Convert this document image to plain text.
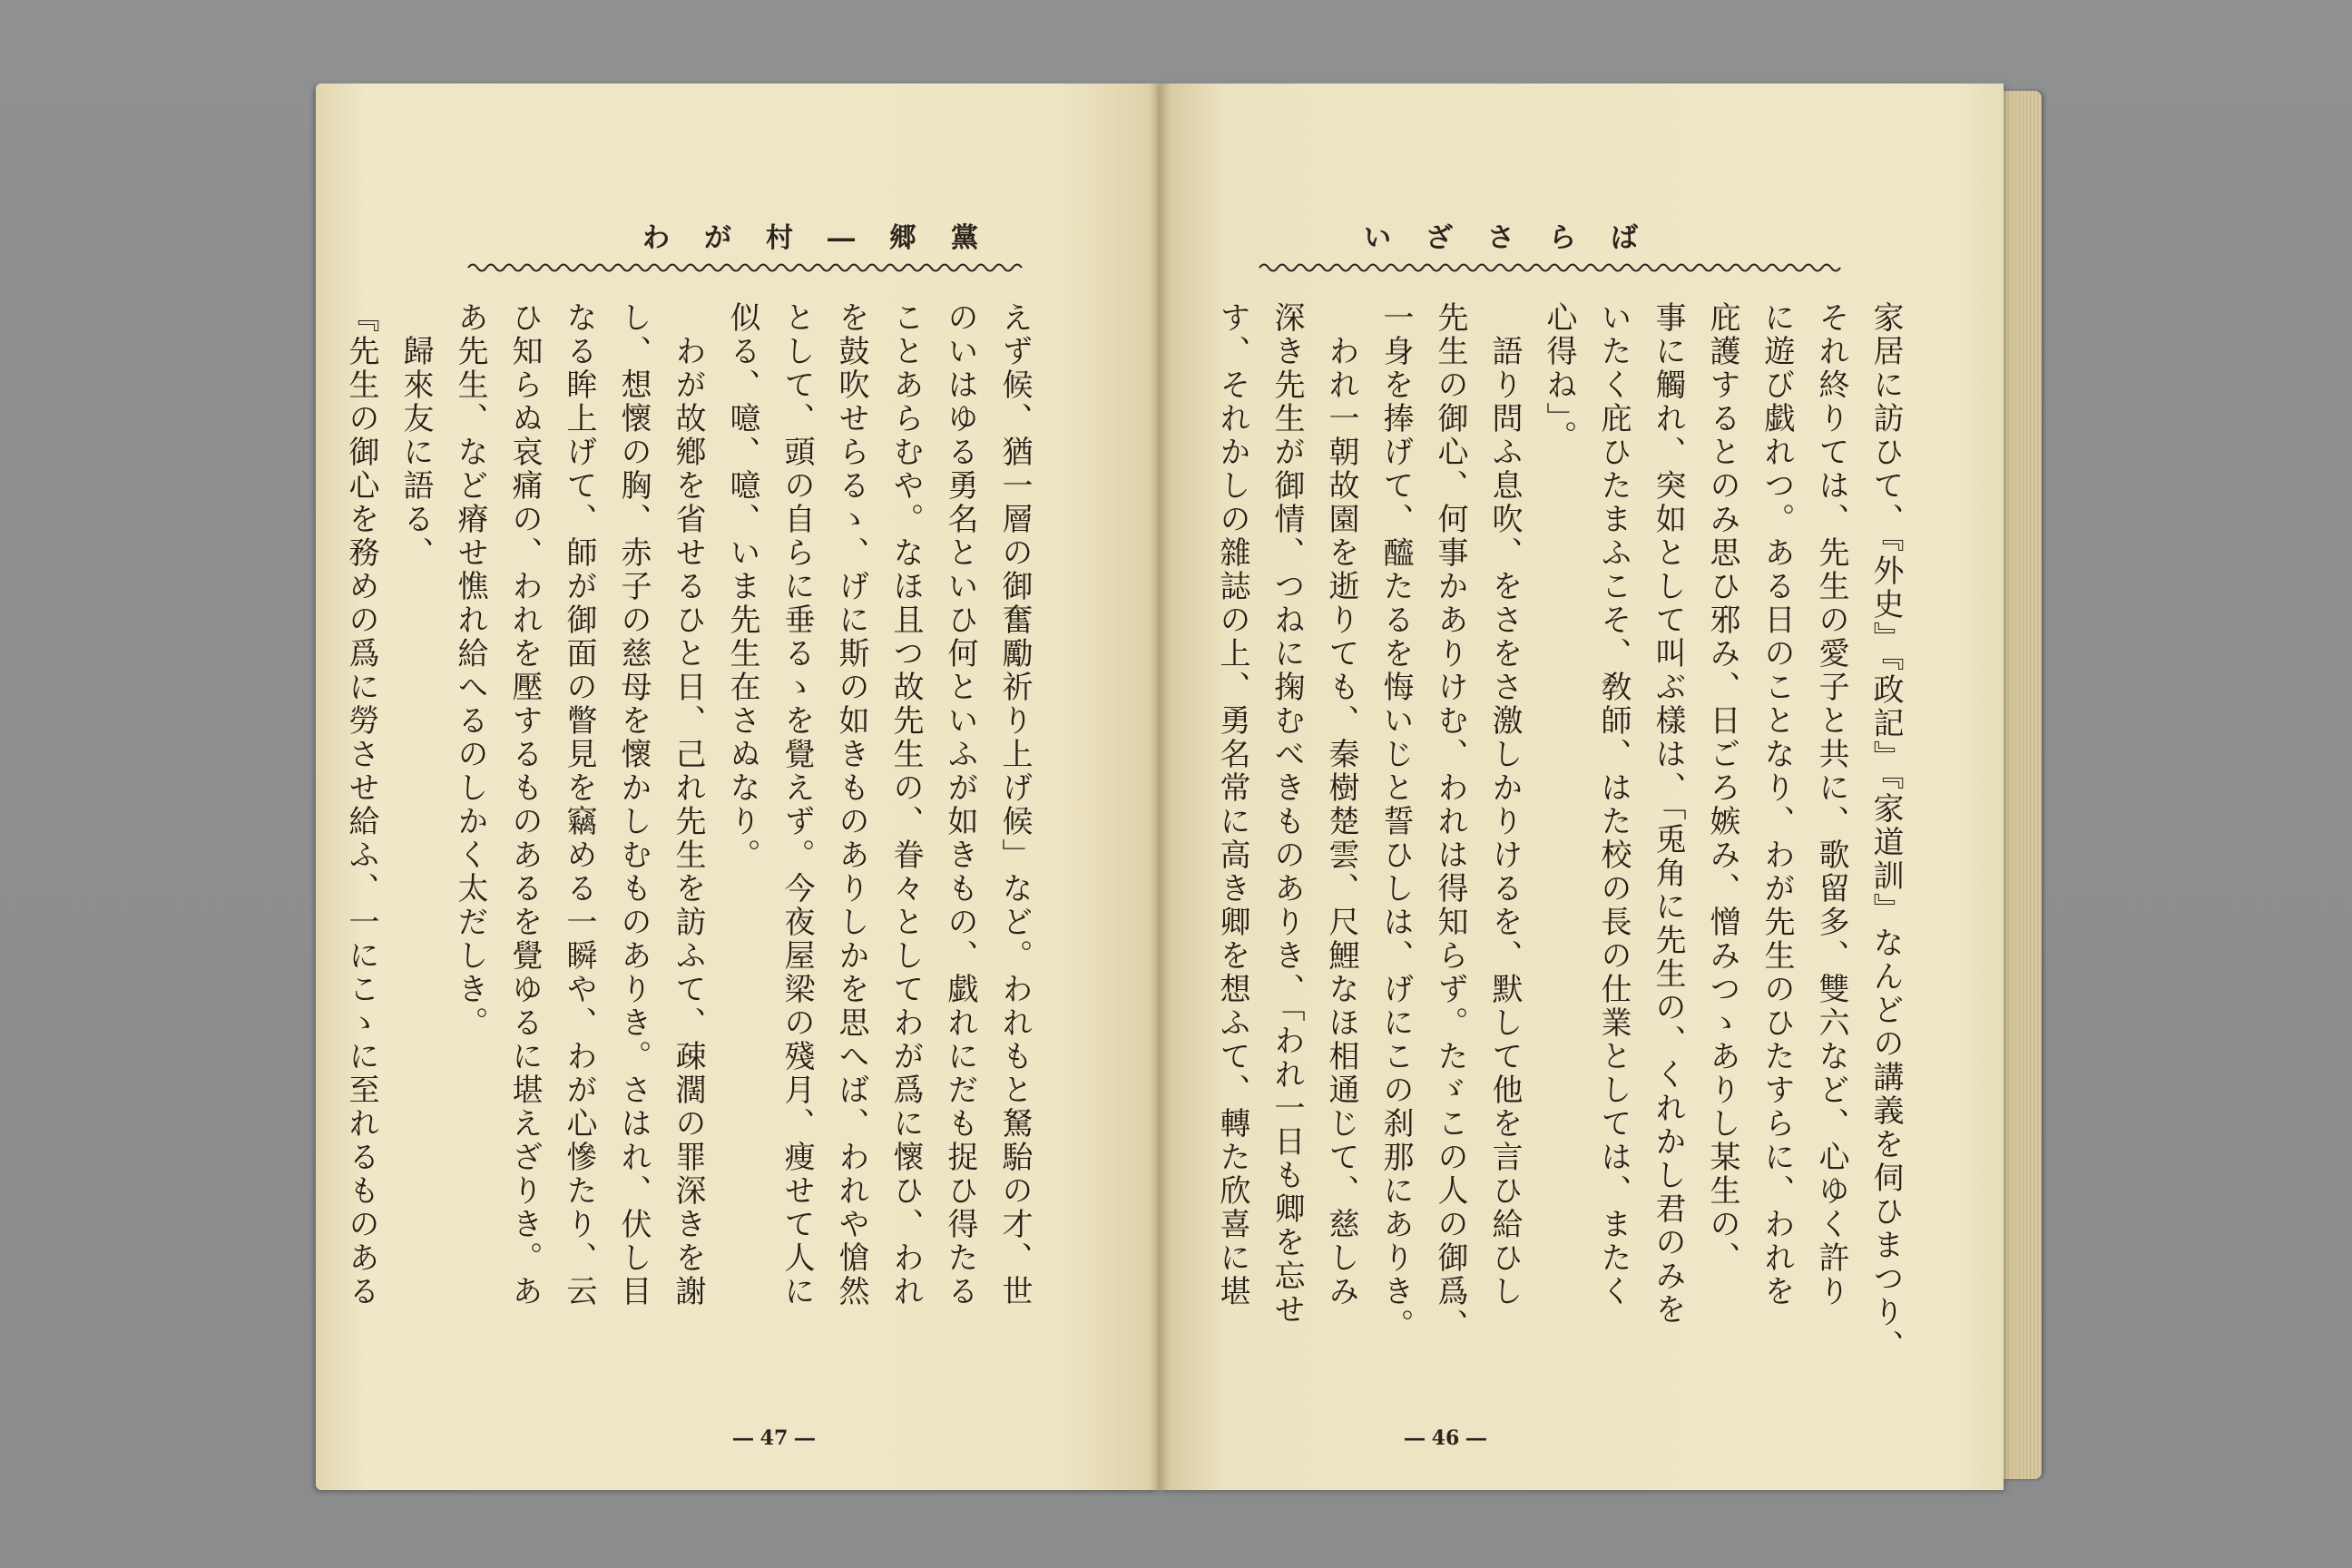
わが村―郷黨

えず候、猶一層の御奮勵祈り上げ候」など。われもと駑駘の才、世

のいはゆる勇名といひ何といふが如きもの、戯れにだも捉ひ得たる

ことあらむや。なほ且つ故先生の、眷々としてわが爲に懷ひ、われ

を鼓吹せらるゝ、げに斯の如きものありしかを思へば、われや愴然

として、頭の自らに垂るゝを覺えず。今夜屋梁の殘月、痩せて人に

似る、噫、噫、いま先生在さぬなり。

　わが故鄕を省せるひと日、己れ先生を訪ふて、疎濶の罪深きを謝

し、想懷の胸、赤子の慈母を懷かしむものありき。さはれ、伏し目

なる眸上げて、師が御面の瞥見を竊める一瞬や、わが心慘たり、云

ひ知らぬ哀痛の、われを壓するものあるを覺ゆるに堪えざりき。あ

あ先生、など瘠せ憔れ給へるのしかく太だしき。

　歸來友に語る、

『先生の御心を務めの爲に勞させ給ふ、一にこゝに至れるものある

― 47 ―
いざさらば

家居に訪ひて、『外史』『政記』『家道訓』なんどの講義を伺ひまつり、

それ終りては、先生の愛子と共に、歌留多、雙六など、心ゆく許り

に遊び戯れつ。ある日のことなり、わが先生のひたすらに、われを

庇護するとのみ思ひ邪み、日ごろ嫉み、憎みつゝありし某生の、

事に觸れ、突如として叫ぶ樣は、「兎角に先生の、くれかし君のみを

いたく庇ひたまふこそ、敎師、はた校の長の仕業としては、またく

心得ね」。

　語り問ふ息吹、をさをさ激しかりけるを、默して他を言ひ給ひし

先生の御心、何事かありけむ、われは得知らず。たゞこの人の御爲、

一身を捧げて、醯たるを悔いじと誓ひしは、げにこの刹那にありき。

　われ一朝故園を逝りても、秦樹楚雲、尺鯉なほ相通じて、慈しみ

深き先生が御情、つねに掬むべきものありき、「われ一日も卿を忘せ

す、それかしの雜誌の上、勇名常に高き卿を想ふて、轉た欣喜に堪

― 46 ―
